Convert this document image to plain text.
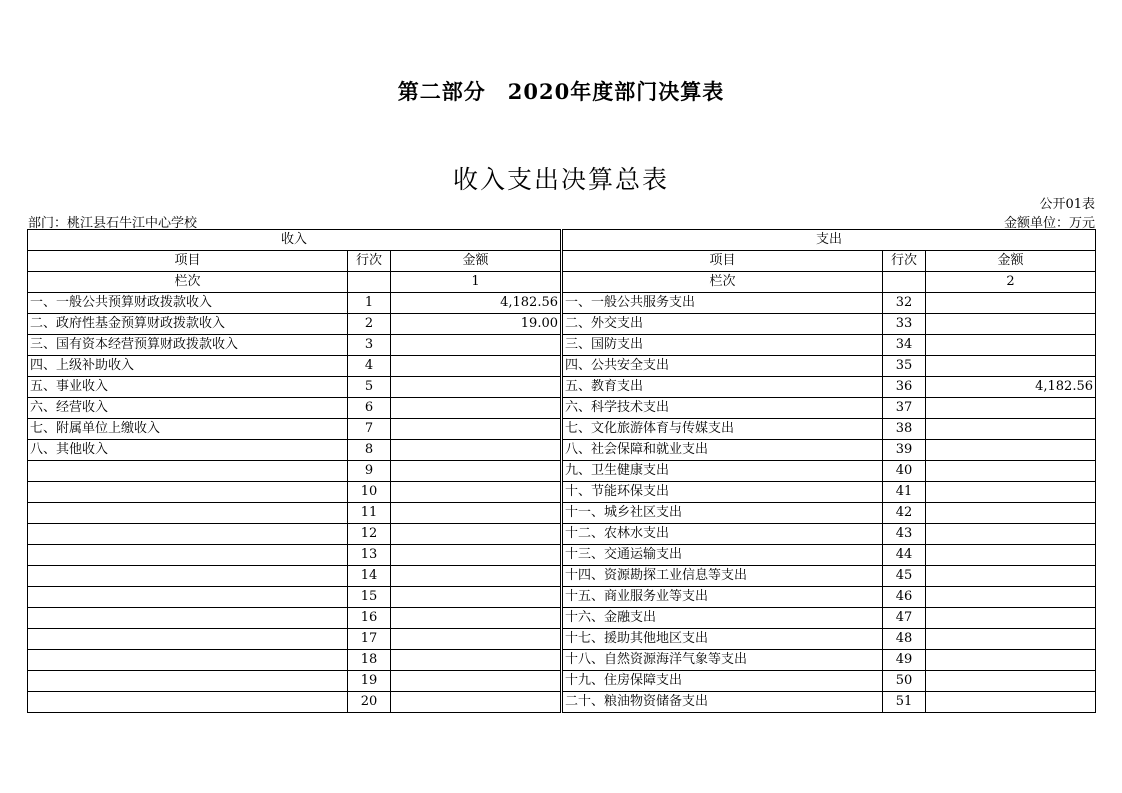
第二部分　2020年度部门决算表
收入支出决算总表
公开01表
部门：桃江县石牛江中心学校	金额单位：万元
收入				支出		
项目	行次	金额		项目	行次	金额
栏次		1		栏次		2
一、一般公共预算财政拨款收入	1	4,182.56		一、一般公共服务支出	32	
二、政府性基金预算财政拨款收入	2	19.00		二、外交支出	33	
三、国有资本经营预算财政拨款收入	3			三、国防支出	34	
四、上级补助收入	4			四、公共安全支出	35	
五、事业收入	5			五、教育支出	36	4,182.56
六、经营收入	6			六、科学技术支出	37	
七、附属单位上缴收入	7			七、文化旅游体育与传媒支出	38	
八、其他收入	8			八、社会保障和就业支出	39	
	9			九、卫生健康支出	40	
	10			十、节能环保支出	41	
	11			十一、城乡社区支出	42	
	12			十二、农林水支出	43	
	13			十三、交通运输支出	44	
	14			十四、资源勘探工业信息等支出	45	
	15			十五、商业服务业等支出	46	
	16			十六、金融支出	47	
	17			十七、援助其他地区支出	48	
	18			十八、自然资源海洋气象等支出	49	
	19			十九、住房保障支出	50	
	20			二十、粮油物资储备支出	51	
